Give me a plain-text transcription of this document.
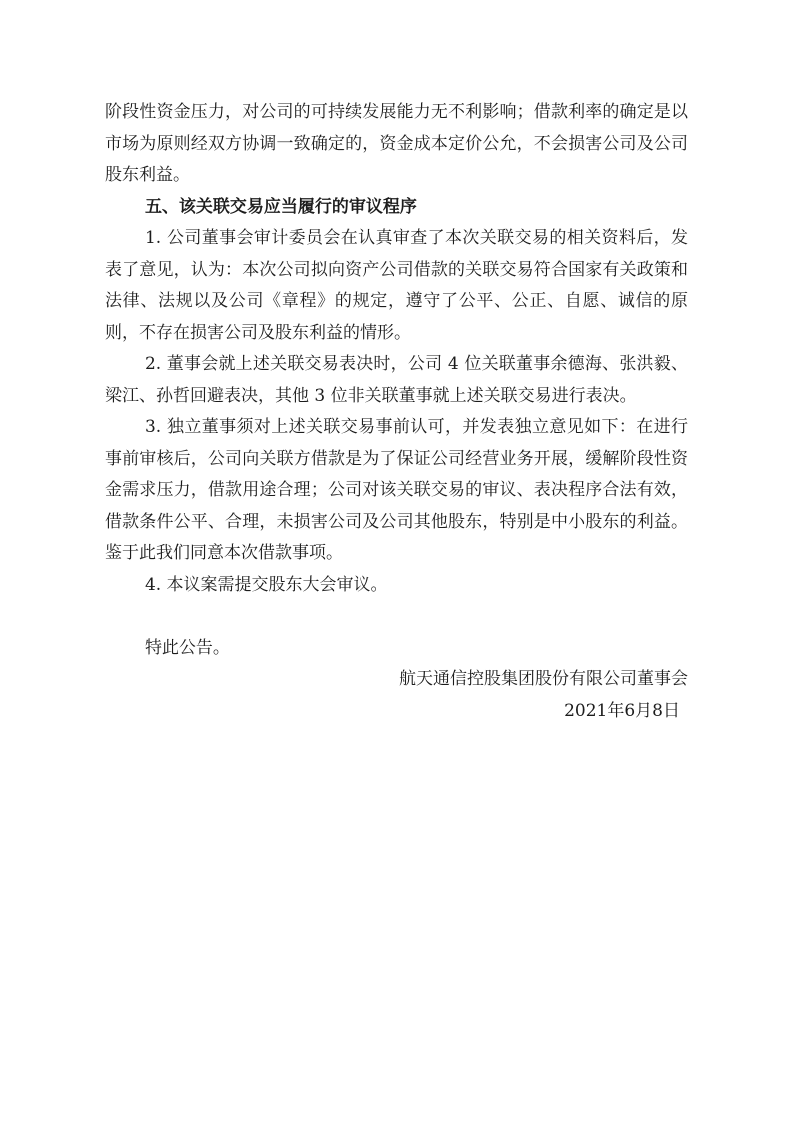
阶段性资金压力，对公司的可持续发展能力无不利影响；借款利率的确定是以市场为原则经双方协调一致确定的，资金成本定价公允，不会损害公司及公司股东利益。

五、该关联交易应当履行的审议程序

1. 公司董事会审计委员会在认真审查了本次关联交易的相关资料后，发表了意见，认为：本次公司拟向资产公司借款的关联交易符合国家有关政策和法律、法规以及公司《章程》的规定，遵守了公平、公正、自愿、诚信的原则，不存在损害公司及股东利益的情形。

2. 董事会就上述关联交易表决时，公司 4 位关联董事余德海、张洪毅、梁江、孙哲回避表决，其他 3 位非关联董事就上述关联交易进行表决。

3. 独立董事须对上述关联交易事前认可，并发表独立意见如下：在进行事前审核后，公司向关联方借款是为了保证公司经营业务开展，缓解阶段性资金需求压力，借款用途合理；公司对该关联交易的审议、表决程序合法有效，借款条件公平、合理，未损害公司及公司其他股东，特别是中小股东的利益。鉴于此我们同意本次借款事项。

4. 本议案需提交股东大会审议。

特此公告。

航天通信控股集团股份有限公司董事会

2021年6月8日
